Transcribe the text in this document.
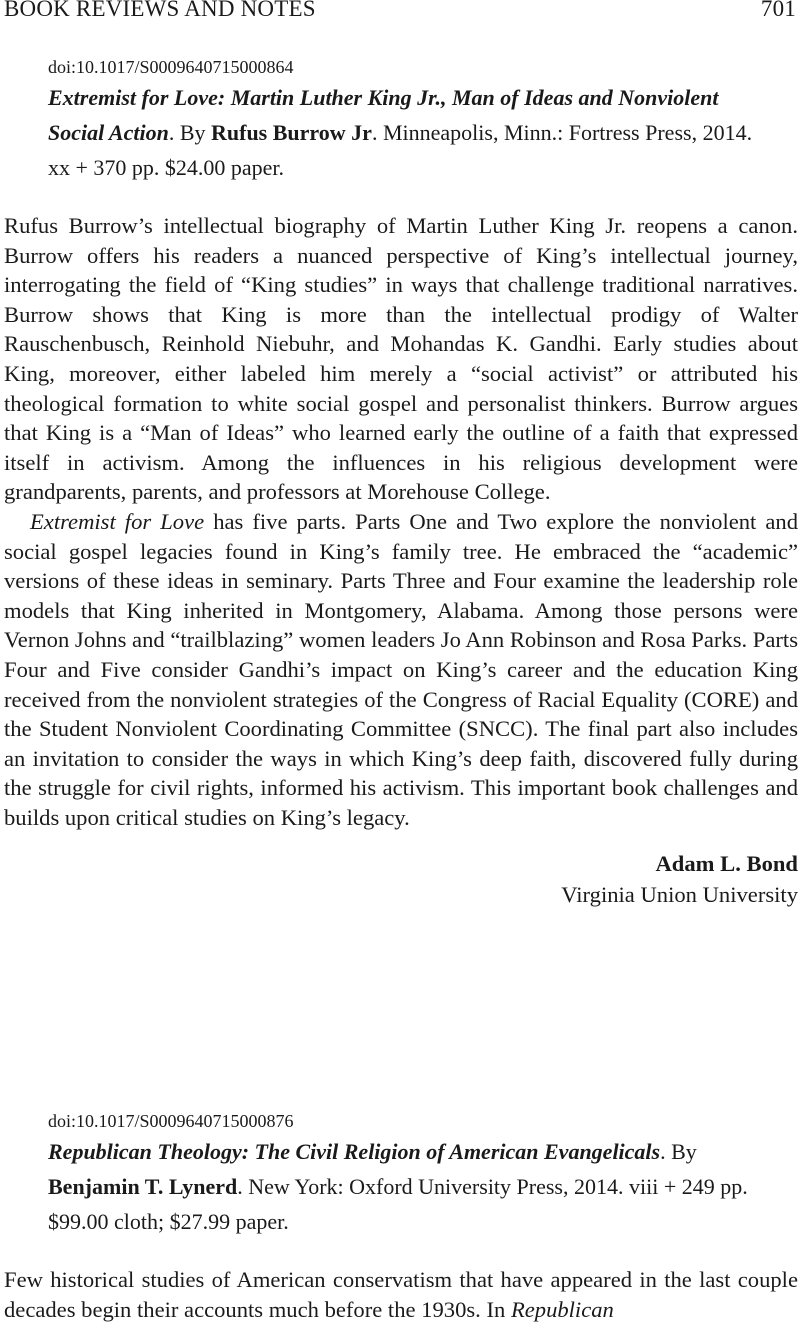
BOOK REVIEWS AND NOTES	701
doi:10.1017/S0009640715000864
Extremist for Love: Martin Luther King Jr., Man of Ideas and Nonviolent Social Action. By Rufus Burrow Jr. Minneapolis, Minn.: Fortress Press, 2014. xx + 370 pp. $24.00 paper.

Rufus Burrow’s intellectual biography of Martin Luther King Jr. reopens a canon. Burrow offers his readers a nuanced perspective of King’s intellectual journey, interrogating the field of “King studies” in ways that challenge traditional narratives. Burrow shows that King is more than the intellectual prodigy of Walter Rauschenbusch, Reinhold Niebuhr, and Mohandas K. Gandhi. Early studies about King, moreover, either labeled him merely a “social activist” or attributed his theological formation to white social gospel and personalist thinkers. Burrow argues that King is a “Man of Ideas” who learned early the outline of a faith that expressed itself in activism. Among the influences in his religious development were grandparents, parents, and professors at Morehouse College.

Extremist for Love has five parts. Parts One and Two explore the nonviolent and social gospel legacies found in King’s family tree. He embraced the “academic” versions of these ideas in seminary. Parts Three and Four examine the leadership role models that King inherited in Montgomery, Alabama. Among those persons were Vernon Johns and “trailblazing” women leaders Jo Ann Robinson and Rosa Parks. Parts Four and Five consider Gandhi’s impact on King’s career and the education King received from the nonviolent strategies of the Congress of Racial Equality (CORE) and the Student Nonviolent Coordinating Committee (SNCC). The final part also includes an invitation to consider the ways in which King’s deep faith, discovered fully during the struggle for civil rights, informed his activism. This important book challenges and builds upon critical studies on King’s legacy.

Adam L. Bond
Virginia Union University
doi:10.1017/S0009640715000876
Republican Theology: The Civil Religion of American Evangelicals. By Benjamin T. Lynerd. New York: Oxford University Press, 2014. viii + 249 pp. $99.00 cloth; $27.99 paper.

Few historical studies of American conservatism that have appeared in the last couple decades begin their accounts much before the 1930s. In Republican
